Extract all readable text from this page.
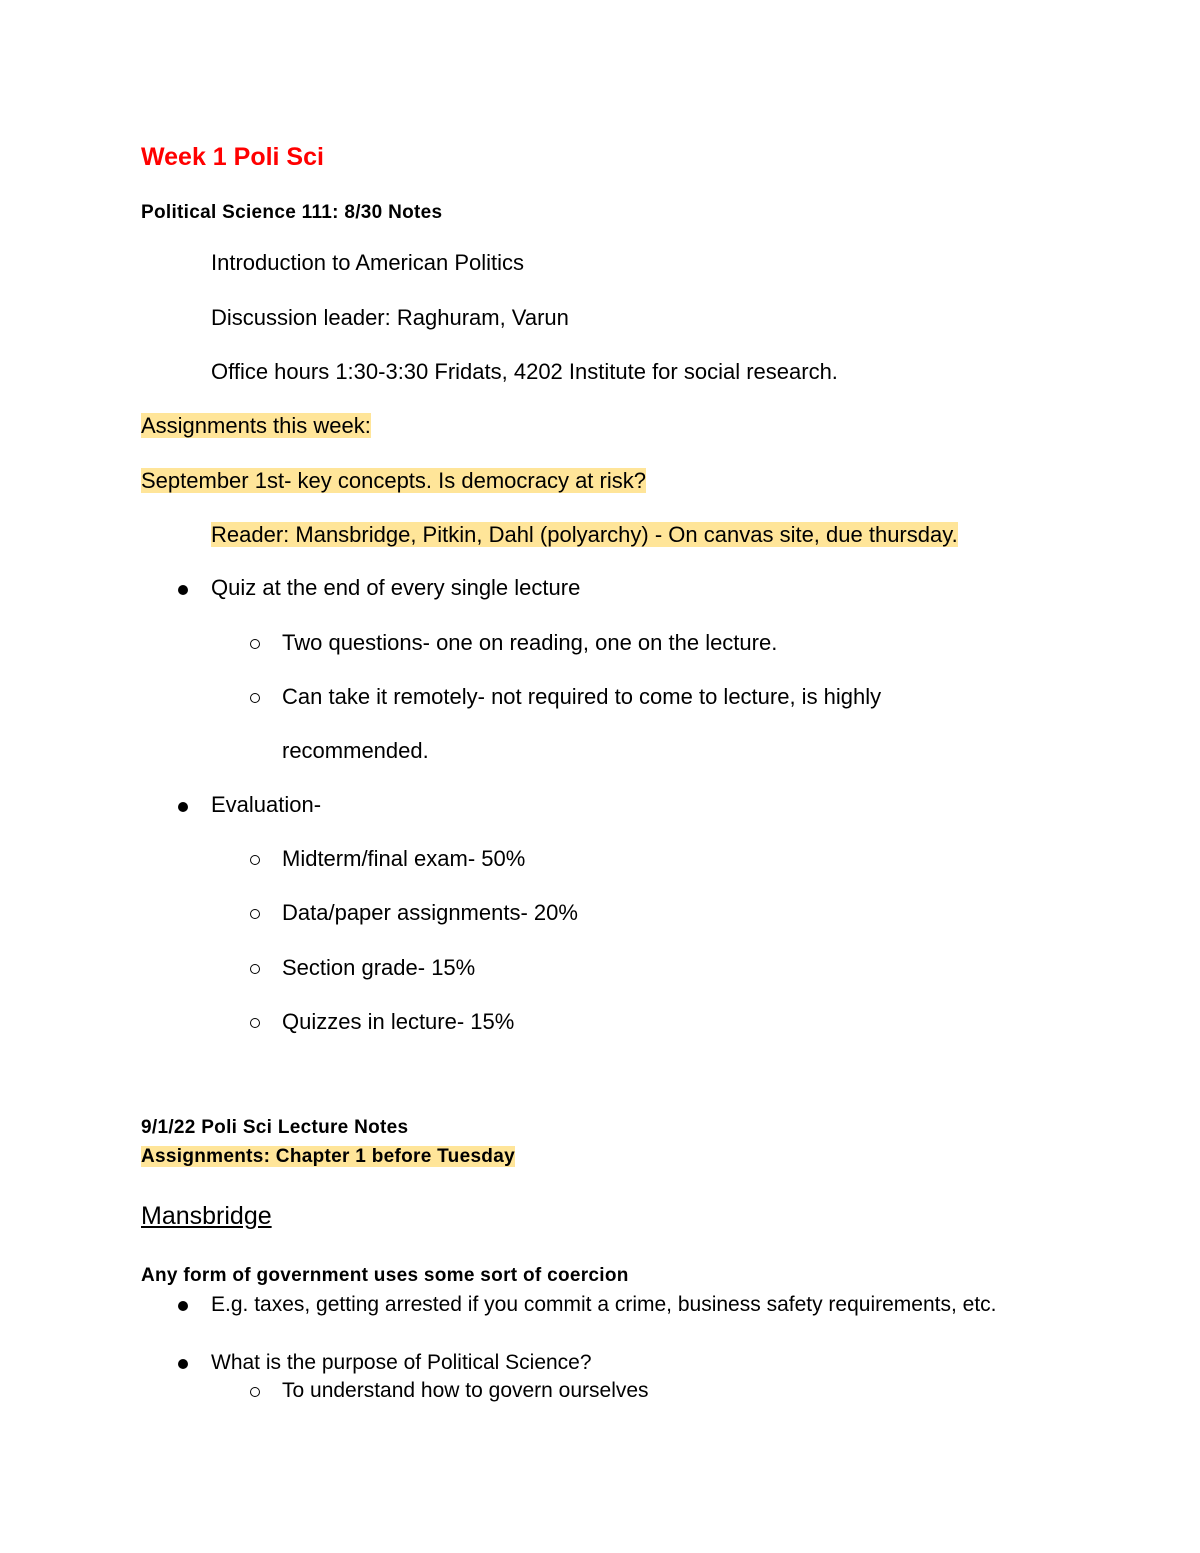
Week 1 Poli Sci
Political Science 111: 8/30 Notes
Introduction to American Politics
Discussion leader: Raghuram, Varun
Office hours 1:30-3:30 Fridats, 4202 Institute for social research.
Assignments this week:
September 1st- key concepts. Is democracy at risk?
Reader: Mansbridge, Pitkin, Dahl (polyarchy) - On canvas site, due thursday.
Quiz at the end of every single lecture
Two questions- one on reading, one on the lecture.
Can take it remotely- not required to come to lecture, is highly
recommended.
Evaluation-
Midterm/final exam- 50%
Data/paper assignments- 20%
Section grade- 15%
Quizzes in lecture- 15%
9/1/22 Poli Sci Lecture Notes
Assignments: Chapter 1 before Tuesday
Mansbridge
Any form of government uses some sort of coercion
E.g. taxes, getting arrested if you commit a crime, business safety requirements, etc.
What is the purpose of Political Science?
To understand how to govern ourselves
